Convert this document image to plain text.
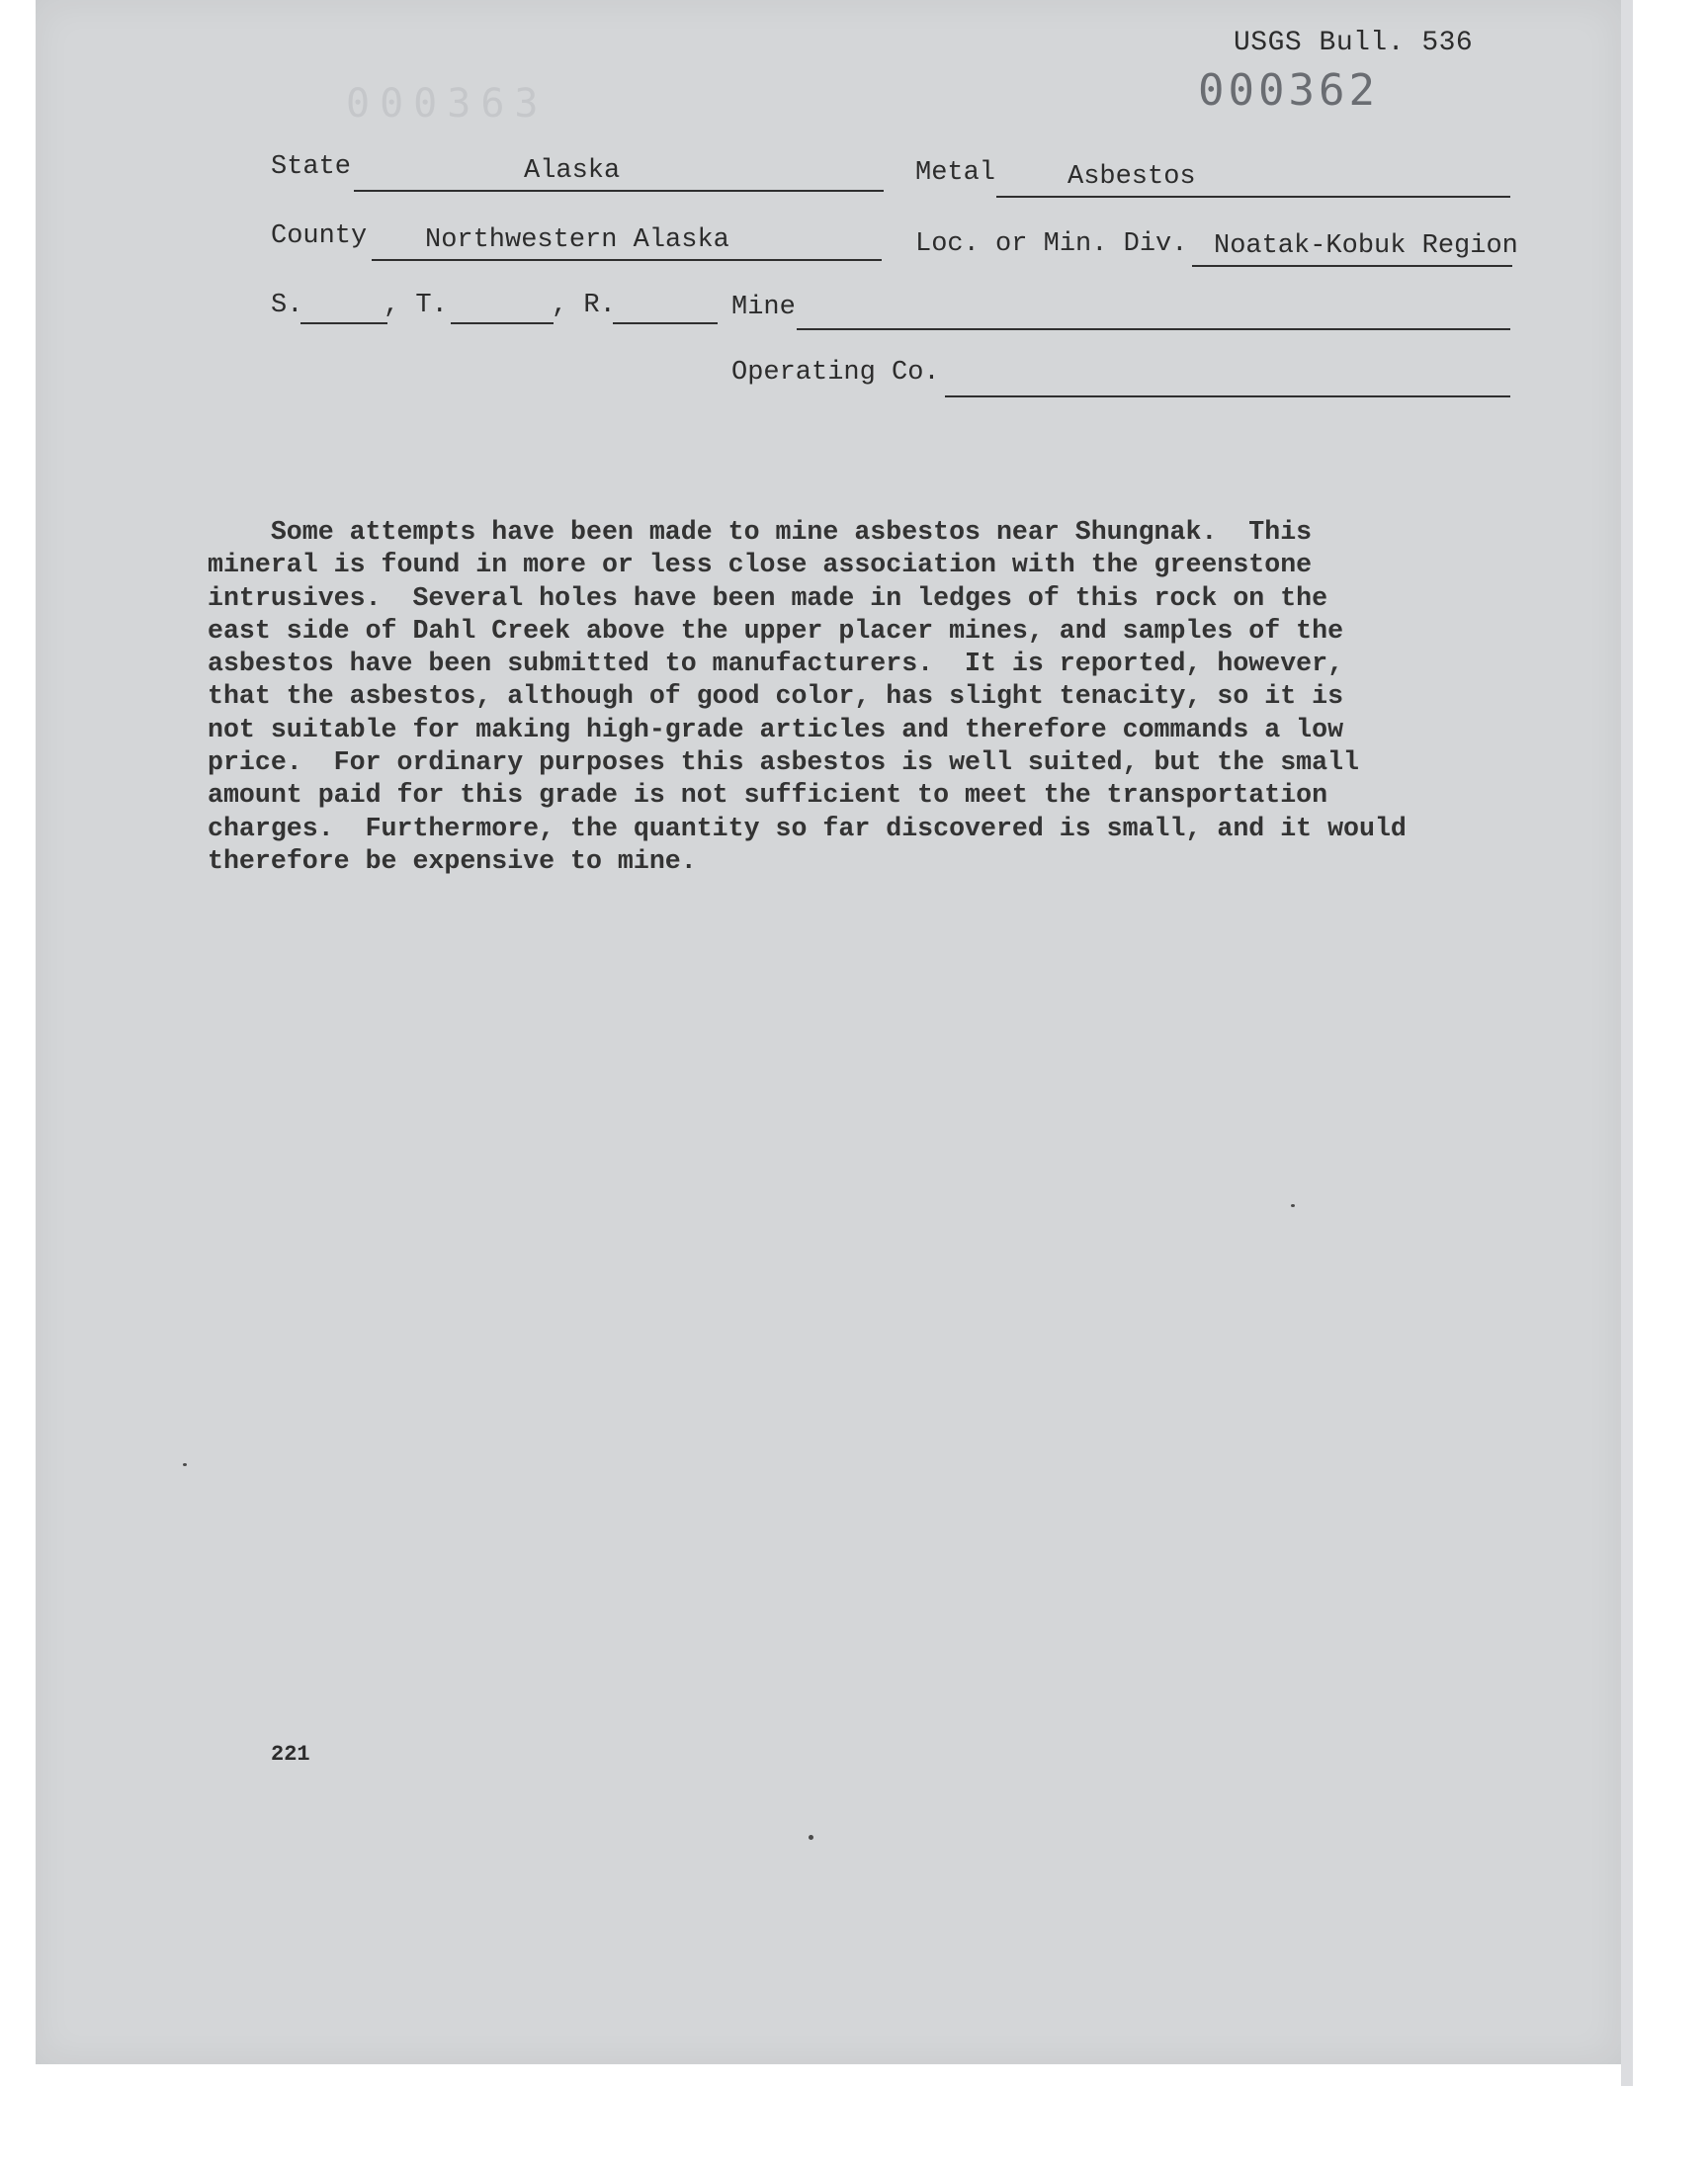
000363
USGS Bull. 536
000362
State	Alaska	Metal	Asbestos
County	Northwestern Alaska	Loc. or Min. Div. Noatak-Kobuk Region
S.	, T.	, R.	Mine
Operating Co.
Some attempts have been made to mine asbestos near Shungnak.  This
mineral is found in more or less close association with the greenstone
intrusives.  Several holes have been made in ledges of this rock on the
east side of Dahl Creek above the upper placer mines, and samples of the
asbestos have been submitted to manufacturers.  It is reported, however,
that the asbestos, although of good color, has slight tenacity, so it is
not suitable for making high-grade articles and therefore commands a low
price.  For ordinary purposes this asbestos is well suited, but the small
amount paid for this grade is not sufficient to meet the transportation
charges.  Furthermore, the quantity so far discovered is small, and it would
therefore be expensive to mine.
221
